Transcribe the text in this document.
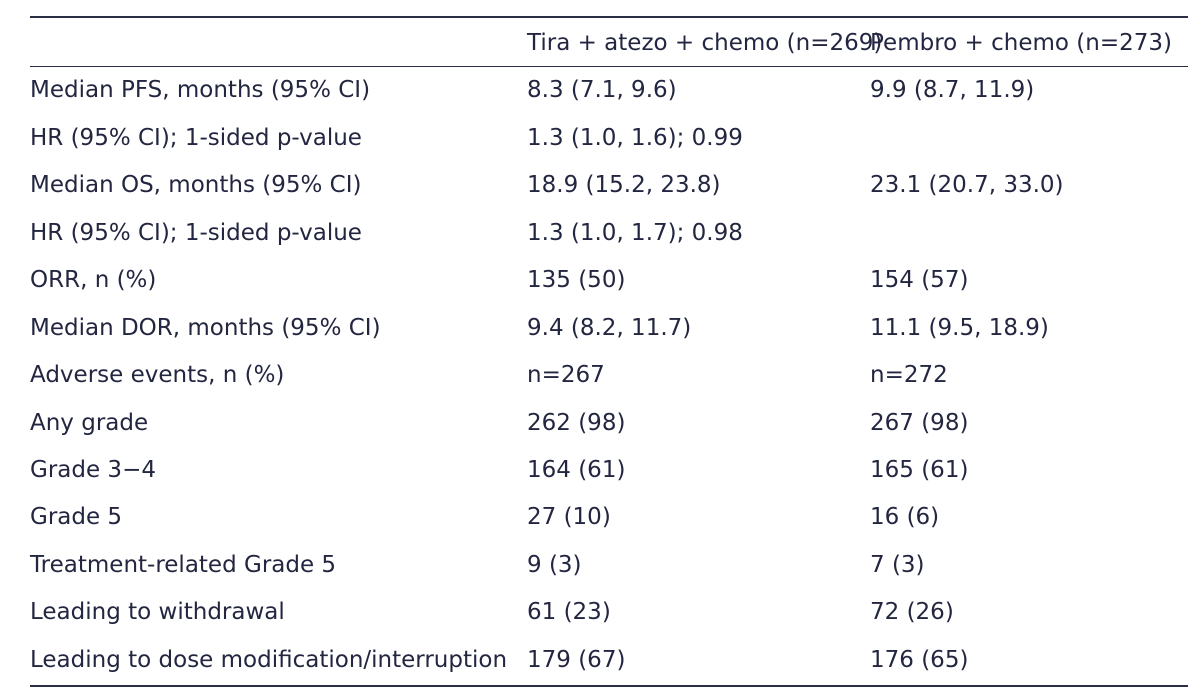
	Tira + atezo + chemo (n=269)	Pembro + chemo (n=273)
Median PFS, months (95% CI)	8.3 (7.1, 9.6)	9.9 (8.7, 11.9)
HR (95% CI); 1-sided p-value	1.3 (1.0, 1.6); 0.99	
Median OS, months (95% CI)	18.9 (15.2, 23.8)	23.1 (20.7, 33.0)
HR (95% CI); 1-sided p-value	1.3 (1.0, 1.7); 0.98	
ORR, n (%)	135 (50)	154 (57)
Median DOR, months (95% CI)	9.4 (8.2, 11.7)	11.1 (9.5, 18.9)
Adverse events, n (%)	n=267	n=272
Any grade	262 (98)	267 (98)
Grade 3−4	164 (61)	165 (61)
Grade 5	27 (10)	16 (6)
Treatment-related Grade 5	9 (3)	7 (3)
Leading to withdrawal	61 (23)	72 (26)
Leading to dose modification/interruption	179 (67)	176 (65)
